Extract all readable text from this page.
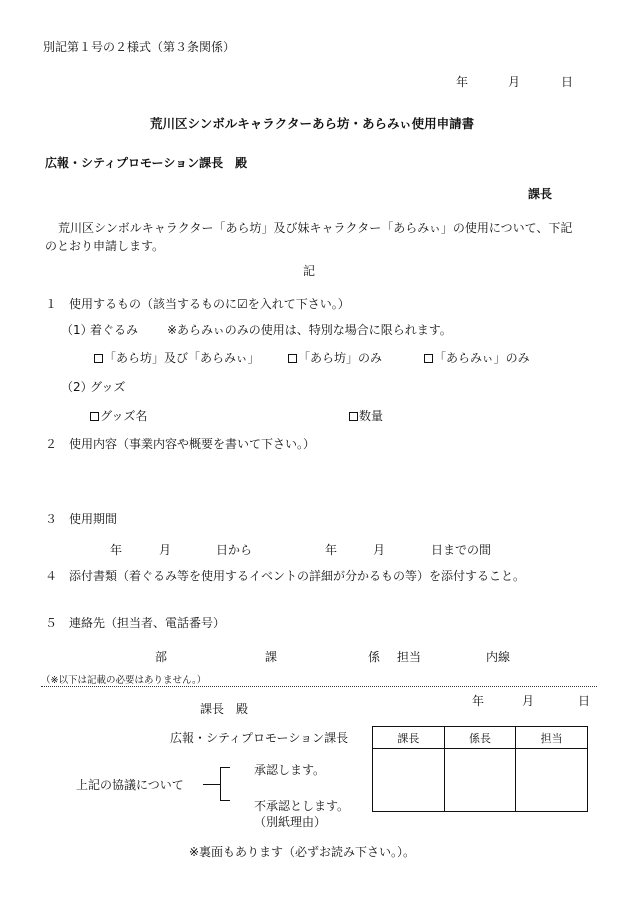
別記第１号の２様式（第３条関係）
年	月	日
荒川区シンボルキャラクターあら坊・あらみぃ使用申請書
広報・シティプロモーション課長　殿
課長
荒川区シンボルキャラクター「あら坊」及び妹キャラクター「あらみぃ」の使用について、下記
のとおり申請します。
記
１　使用するもの（該当するものに☑を入れて下さい。）
（1）
着ぐるみ ※あらみぃのみの使用は、特別な場合に限られます。
「あら坊」及び「あらみぃ」	「あら坊」のみ	「あらみぃ」のみ
（2）
グッズ
グッズ名	数量
２　使用内容（事業内容や概要を書いて下さい。）
３　使用期間
年	月	日から	年	月	日までの間
４　添付書類（着ぐるみ等を使用するイベントの詳細が分かるもの等）を添付すること。
５　連絡先（担当者、電話番号）
部	課	係 担当	内線
（※以下は記載の必要はありません。）
年	月	日
課長　殿
広報・シティプロモーション課長
上記の協議について
承認します。
不承認とします。
（別紙理由）
課長	係長	担当

※裏面もあります（必ずお読み下さい。）。
